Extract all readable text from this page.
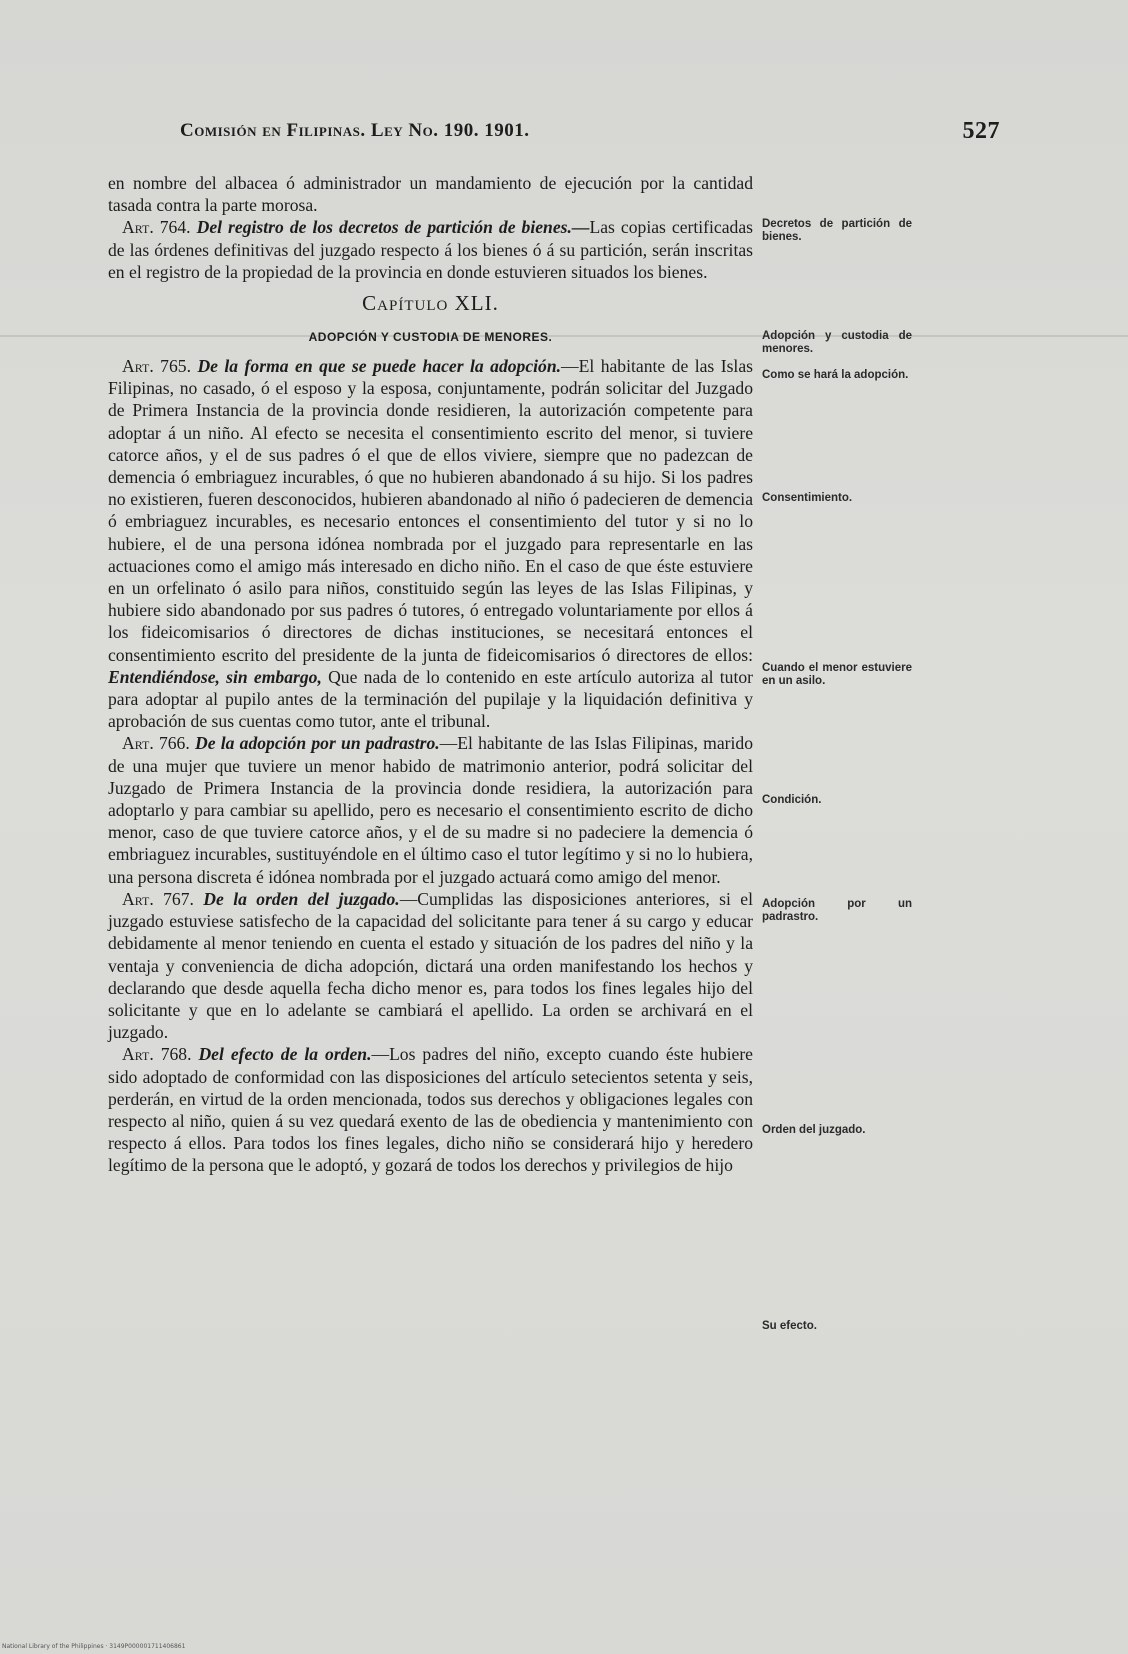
Comisión en Filipinas. Ley No. 190. 1901.	527

en nombre del albacea ó administrador un mandamiento de ejecución por la cantidad tasada contra la parte morosa.

Art. 764. Del registro de los decretos de partición de bienes.—Las copias certificadas de las órdenes definitivas del juzgado respecto á los bienes ó á su partición, serán inscritas en el registro de la propiedad de la provincia en donde estuvieren situados los bienes.

Capítulo XLI.
ADOPCIÓN Y CUSTODIA DE MENORES.

Art. 765. De la forma en que se puede hacer la adopción.—El habitante de las Islas Filipinas, no casado, ó el esposo y la esposa, conjuntamente, podrán solicitar del Juzgado de Primera Instancia de la provincia donde residieren, la autorización competente para adoptar á un niño. Al efecto se necesita el consentimiento escrito del menor, si tuviere catorce años, y el de sus padres ó el que de ellos viviere, siempre que no padezcan de demencia ó embriaguez incurables, ó que no hubieren abandonado á su hijo. Si los padres no existieren, fueren desconocidos, hubieren abandonado al niño ó padecieren de demencia ó embriaguez incurables, es necesario entonces el consentimiento del tutor y si no lo hubiere, el de una persona idónea nombrada por el juzgado para representarle en las actuaciones como el amigo más interesado en dicho niño. En el caso de que éste estuviere en un orfelinato ó asilo para niños, constituido según las leyes de las Islas Filipinas, y hubiere sido abandonado por sus padres ó tutores, ó entregado voluntariamente por ellos á los fideicomisarios ó directores de dichas instituciones, se necesitará entonces el consentimiento escrito del presidente de la junta de fideicomisarios ó directores de ellos: Entendiéndose, sin embargo, Que nada de lo contenido en este artículo autoriza al tutor para adoptar al pupilo antes de la terminación del pupilaje y la liquidación definitiva y aprobación de sus cuentas como tutor, ante el tribunal.

Art. 766. De la adopción por un padrastro.—El habitante de las Islas Filipinas, marido de una mujer que tuviere un menor habido de matrimonio anterior, podrá solicitar del Juzgado de Primera Instancia de la provincia donde residiera, la autorización para adoptarlo y para cambiar su apellido, pero es necesario el consentimiento escrito de dicho menor, caso de que tuviere catorce años, y el de su madre si no padeciere la demencia ó embriaguez incurables, sustituyéndole en el último caso el tutor legítimo y si no lo hubiera, una persona discreta é idónea nombrada por el juzgado actuará como amigo del menor.

Art. 767. De la orden del juzgado.—Cumplidas las disposiciones anteriores, si el juzgado estuviese satisfecho de la capacidad del solicitante para tener á su cargo y educar debidamente al menor teniendo en cuenta el estado y situación de los padres del niño y la ventaja y conveniencia de dicha adopción, dictará una orden manifestando los hechos y declarando que desde aquella fecha dicho menor es, para todos los fines legales hijo del solicitante y que en lo adelante se cambiará el apellido. La orden se archivará en el juzgado.

Art. 768. Del efecto de la orden.—Los padres del niño, excepto cuando éste hubiere sido adoptado de conformidad con las disposiciones del artículo setecientos setenta y seis, perderán, en virtud de la orden mencionada, todos sus derechos y obligaciones legales con respecto al niño, quien á su vez quedará exento de las de obediencia y mantenimiento con respecto á ellos. Para todos los fines legales, dicho niño se considerará hijo y heredero legítimo de la persona que le adoptó, y gozará de todos los derechos y privilegios de hijo

Decretos de partición de bienes.
Adopción y custodia de menores.
Como se hará la adopción.
Consentimiento.
Cuando el menor estuviere en un asilo.
Condición.
Adopción por un padrastro.
Orden del juzgado.
Su efecto.
National Library of the Philippines · 3149P000001711406861
